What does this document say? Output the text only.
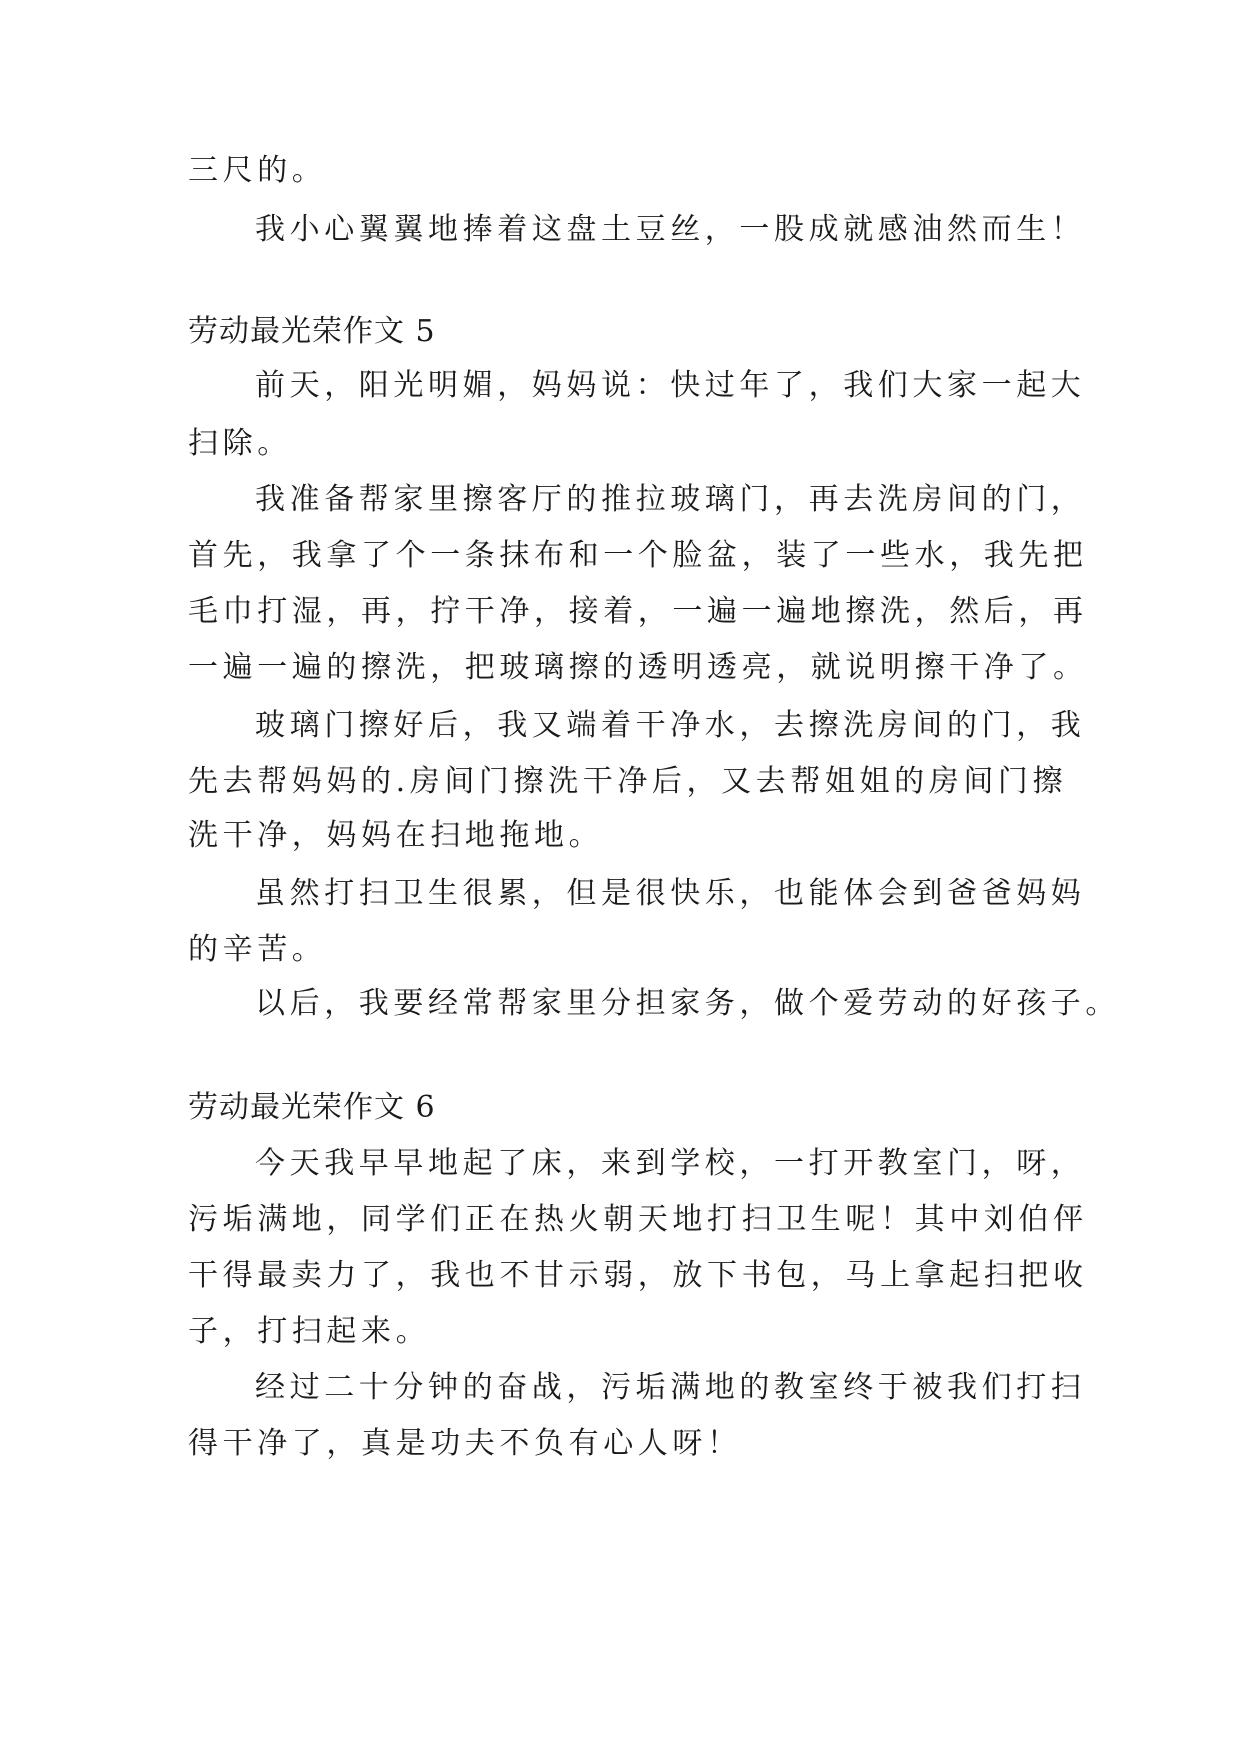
三尺的。
我小心翼翼地捧着这盘土豆丝，一股成就感油然而生！
劳动最光荣作文 5
前天，阳光明媚，妈妈说：快过年了，我们大家一起大
扫除。
我准备帮家里擦客厅的推拉玻璃门，再去洗房间的门，
首先，我拿了个一条抹布和一个脸盆，装了一些水，我先把
毛巾打湿，再，拧干净，接着，一遍一遍地擦洗，然后，再
一遍一遍的擦洗，把玻璃擦的透明透亮，就说明擦干净了。
玻璃门擦好后，我又端着干净水，去擦洗房间的门，我
先去帮妈妈的.房间门擦洗干净后，又去帮姐姐的房间门擦
洗干净，妈妈在扫地拖地。
虽然打扫卫生很累，但是很快乐，也能体会到爸爸妈妈
的辛苦。
以后，我要经常帮家里分担家务，做个爱劳动的好孩子。
劳动最光荣作文 6
今天我早早地起了床，来到学校，一打开教室门，呀，
污垢满地，同学们正在热火朝天地打扫卫生呢！其中刘伯伻
干得最卖力了，我也不甘示弱，放下书包，马上拿起扫把收
子，打扫起来。
经过二十分钟的奋战，污垢满地的教室终于被我们打扫
得干净了，真是功夫不负有心人呀！
